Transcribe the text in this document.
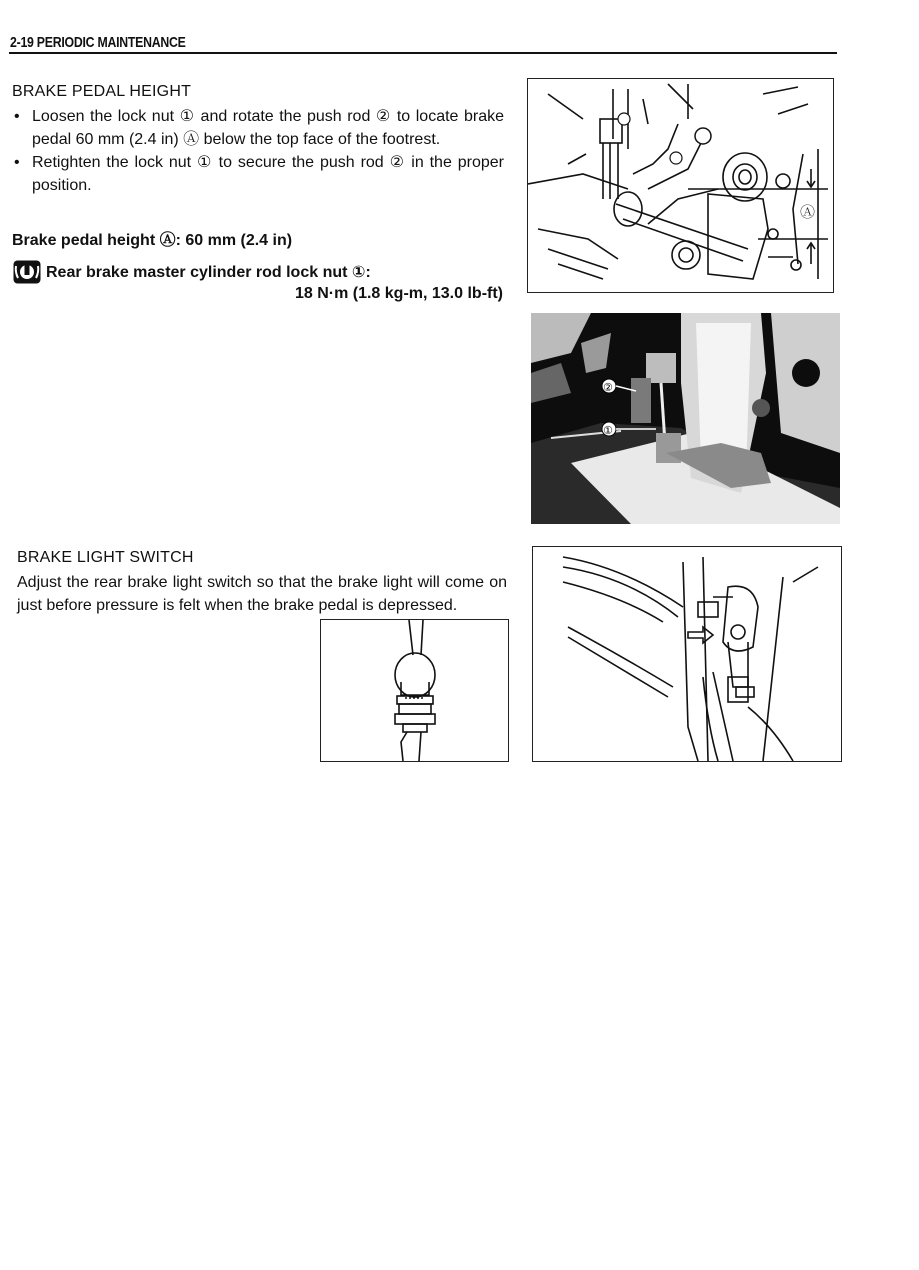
2-19 PERIODIC MAINTENANCE
BRAKE PEDAL HEIGHT
• Loosen the lock nut ① and rotate the push rod ② to locate brake pedal 60 mm (2.4 in) Ⓐ below the top face of the footrest.
• Retighten the lock nut ① to secure the push rod ② in the proper position.
Brake pedal height Ⓐ: 60 mm (2.4 in)
Rear brake master cylinder rod lock nut ①:
18 N·m (1.8 kg-m, 13.0 lb-ft)
Ⓐ
②
①
BRAKE LIGHT SWITCH
Adjust the rear brake light switch so that the brake light will come on just before pressure is felt when the brake pedal is depressed.
